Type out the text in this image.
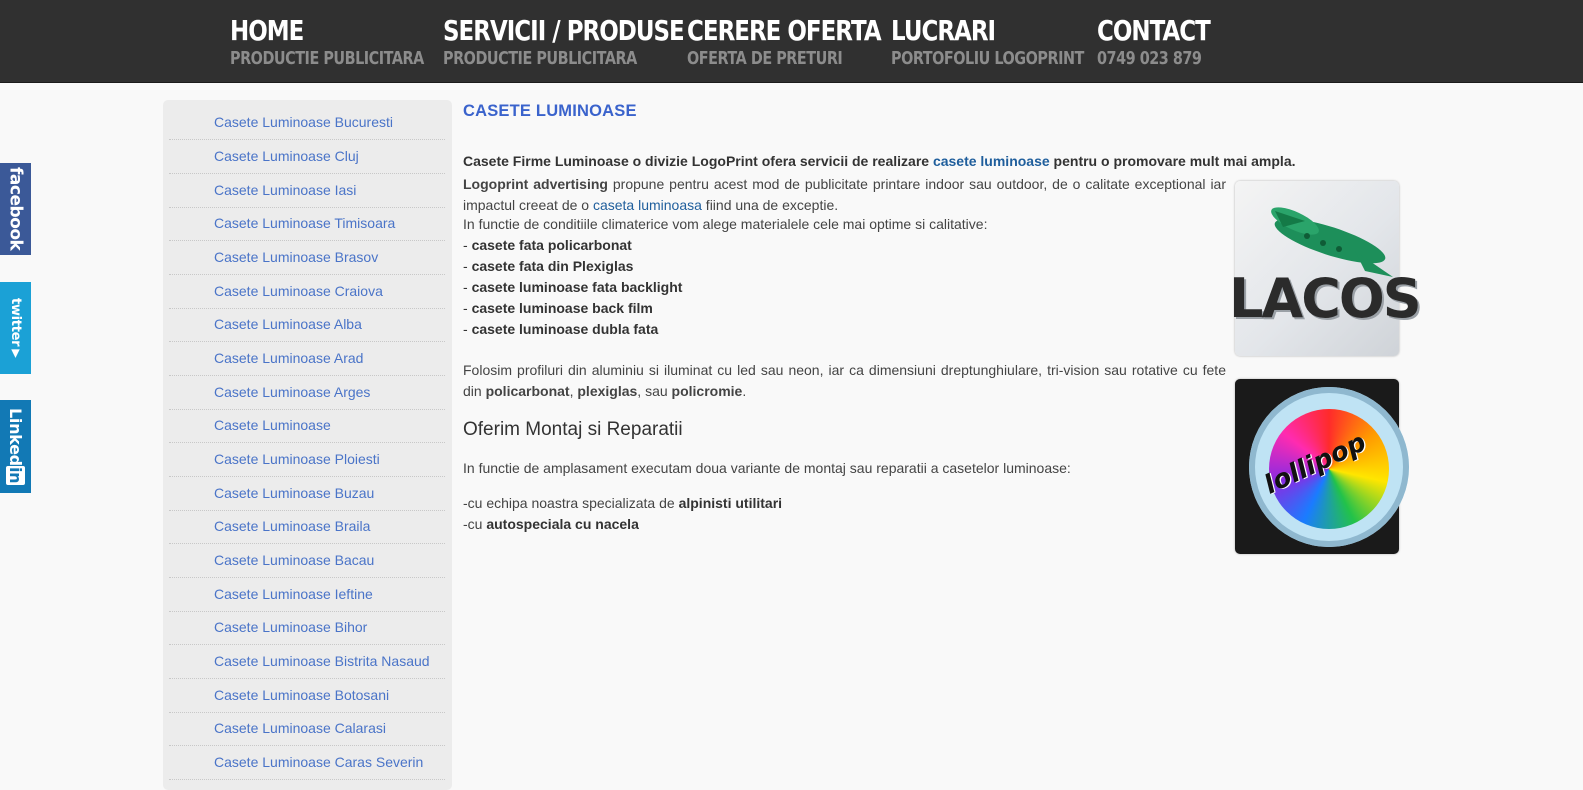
HOME
PRODUCTIE PUBLICITARA
SERVICII / PRODUSE
PRODUCTIE PUBLICITARA
CERERE OFERTA
OFERTA DE PRETURI
LUCRARI
PORTOFOLIU LOGOPRINT
CONTACT
0749 023 879
facebook
twitter▼
Linkedin
Casete Luminoase Bucuresti
Casete Luminoase Cluj
Casete Luminoase Iasi
Casete Luminoase Timisoara
Casete Luminoase Brasov
Casete Luminoase Craiova
Casete Luminoase Alba
Casete Luminoase Arad
Casete Luminoase Arges
Casete Luminoase
Casete Luminoase Ploiesti
Casete Luminoase Buzau
Casete Luminoase Braila
Casete Luminoase Bacau
Casete Luminoase Ieftine
Casete Luminoase Bihor
Casete Luminoase Bistrita Nasaud
Casete Luminoase Botosani
Casete Luminoase Calarasi
Casete Luminoase Caras Severin
CASETE LUMINOASE
Casete Firme Luminoase o divizie LogoPrint ofera servicii de realizare casete luminoase pentru o promovare mult mai ampla.
Logoprint advertising propune pentru acest mod de publicitate printare indoor sau outdoor, de o calitate exceptional iar impactul creeat de o caseta luminoasa fiind una de exceptie.
In functie de conditiile climaterice vom alege materialele cele mai optime si calitative:
- casete fata policarbonat
- casete fata din Plexiglas
- casete luminoase fata backlight
- casete luminoase back film
- casete luminoase dubla fata
Folosim profiluri din aluminiu si iluminat cu led sau neon, iar ca dimensiuni dreptunghiulare, tri-vision sau rotative cu fete din policarbonat, plexiglas, sau policromie.
Oferim Montaj si Reparatii
In functie de amplasament executam doua variante de montaj sau reparatii a casetelor luminoase:
-cu echipa noastra specializata de alpinisti utilitari
-cu autospeciala cu nacela
LACOS
lollipop
